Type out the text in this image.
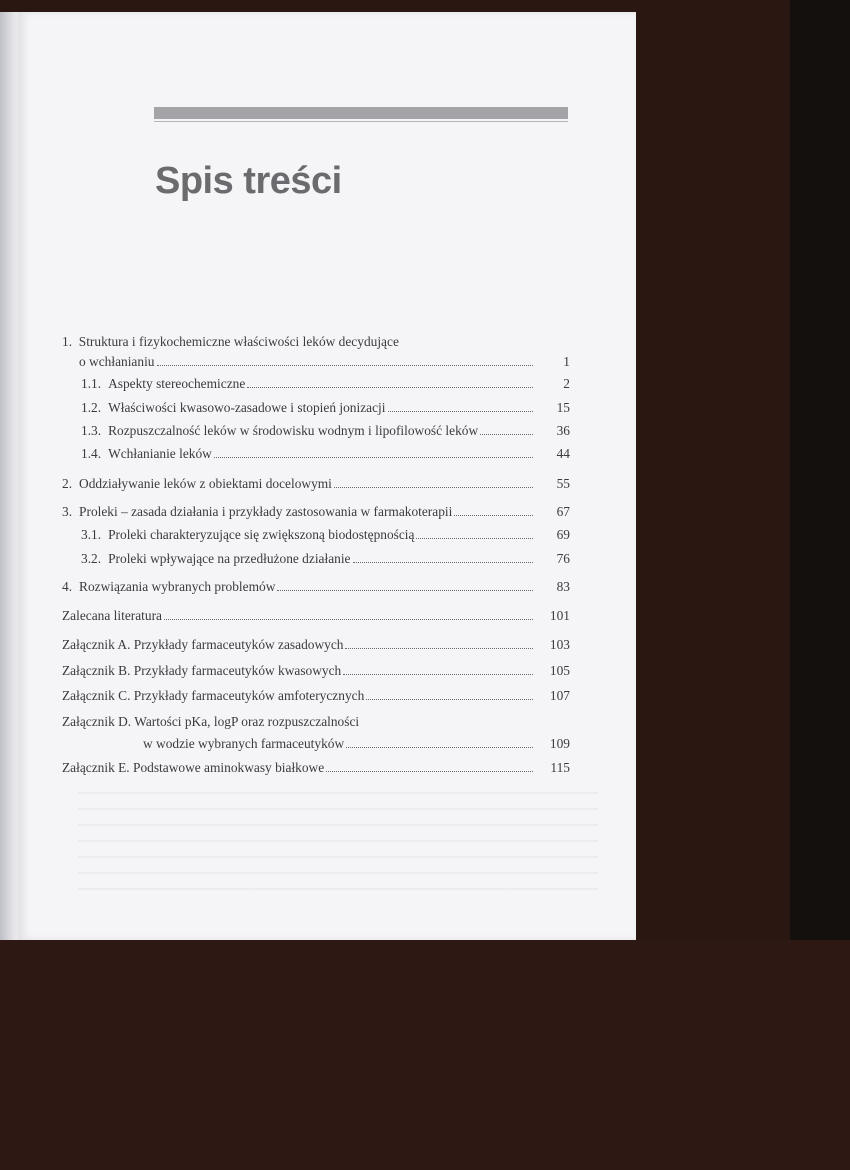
Spis treści
1. Struktura i fizykochemiczne właściwości leków decydujące
o wchłanianiu	1
1.1. Aspekty stereochemiczne	2
1.2. Właściwości kwasowo-zasadowe i stopień jonizacji	15
1.3. Rozpuszczalność leków w środowisku wodnym i lipofilowość leków	36
1.4. Wchłanianie leków	44
2. Oddziaływanie leków z obiektami docelowymi	55
3. Proleki – zasada działania i przykłady zastosowania w farmakoterapii	67
3.1. Proleki charakteryzujące się zwiększoną biodostępnością	69
3.2. Proleki wpływające na przedłużone działanie	76
4. Rozwiązania wybranych problemów	83
Zalecana literatura	101
Załącznik A. Przykłady farmaceutyków zasadowych	103
Załącznik B. Przykłady farmaceutyków kwasowych	105
Załącznik C. Przykłady farmaceutyków amfoterycznych	107
Załącznik D. Wartości pKa, logP oraz rozpuszczalności
w wodzie wybranych farmaceutyków	109
Załącznik E. Podstawowe aminokwasy białkowe	115
